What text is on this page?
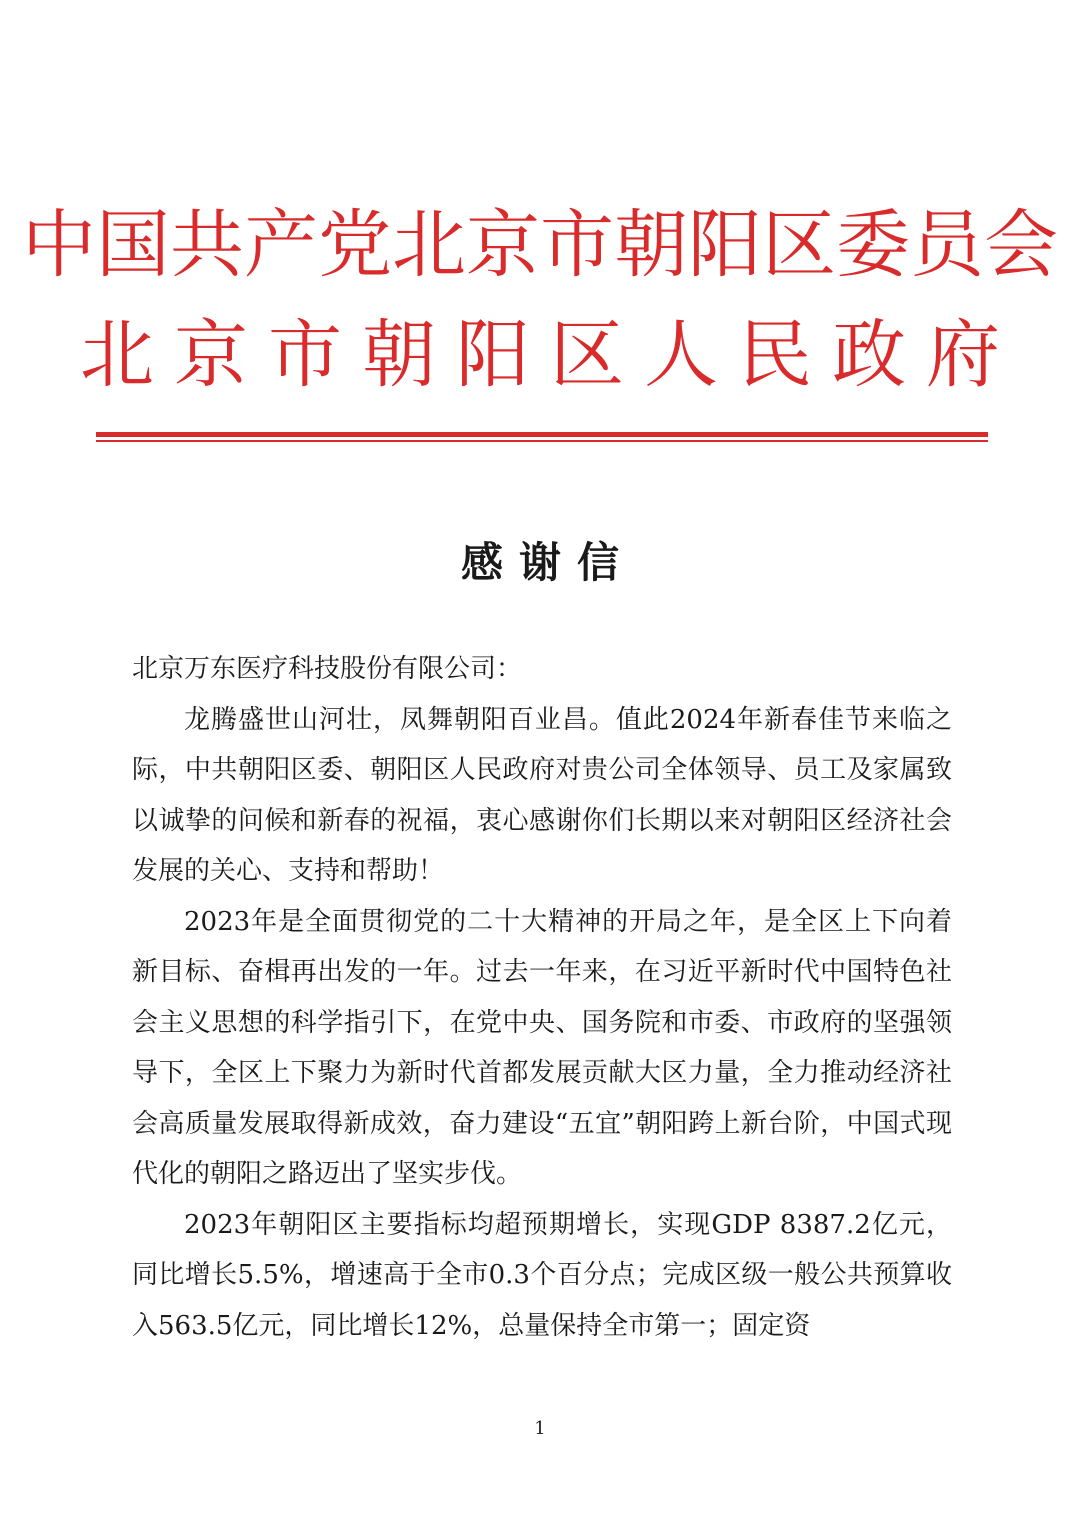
中国共产党北京市朝阳区委员会
北京市朝阳区人民政府
感谢信

北京万东医疗科技股份有限公司：

龙腾盛世山河壮，凤舞朝阳百业昌。值此2024年新春佳节来临之际，中共朝阳区委、朝阳区人民政府对贵公司全体领导、员工及家属致以诚挚的问候和新春的祝福，衷心感谢你们长期以来对朝阳区经济社会发展的关心、支持和帮助！

2023年是全面贯彻党的二十大精神的开局之年，是全区上下向着新目标、奋楫再出发的一年。过去一年来，在习近平新时代中国特色社会主义思想的科学指引下，在党中央、国务院和市委、市政府的坚强领导下，全区上下聚力为新时代首都发展贡献大区力量，全力推动经济社会高质量发展取得新成效，奋力建设“五宜”朝阳跨上新台阶，中国式现代化的朝阳之路迈出了坚实步伐。

2023年朝阳区主要指标均超预期增长，实现GDP 8387.2亿元，同比增长5.5%，增速高于全市0.3个百分点；完成区级一般公共预算收入563.5亿元，同比增长12%，总量保持全市第一；固定资

1
